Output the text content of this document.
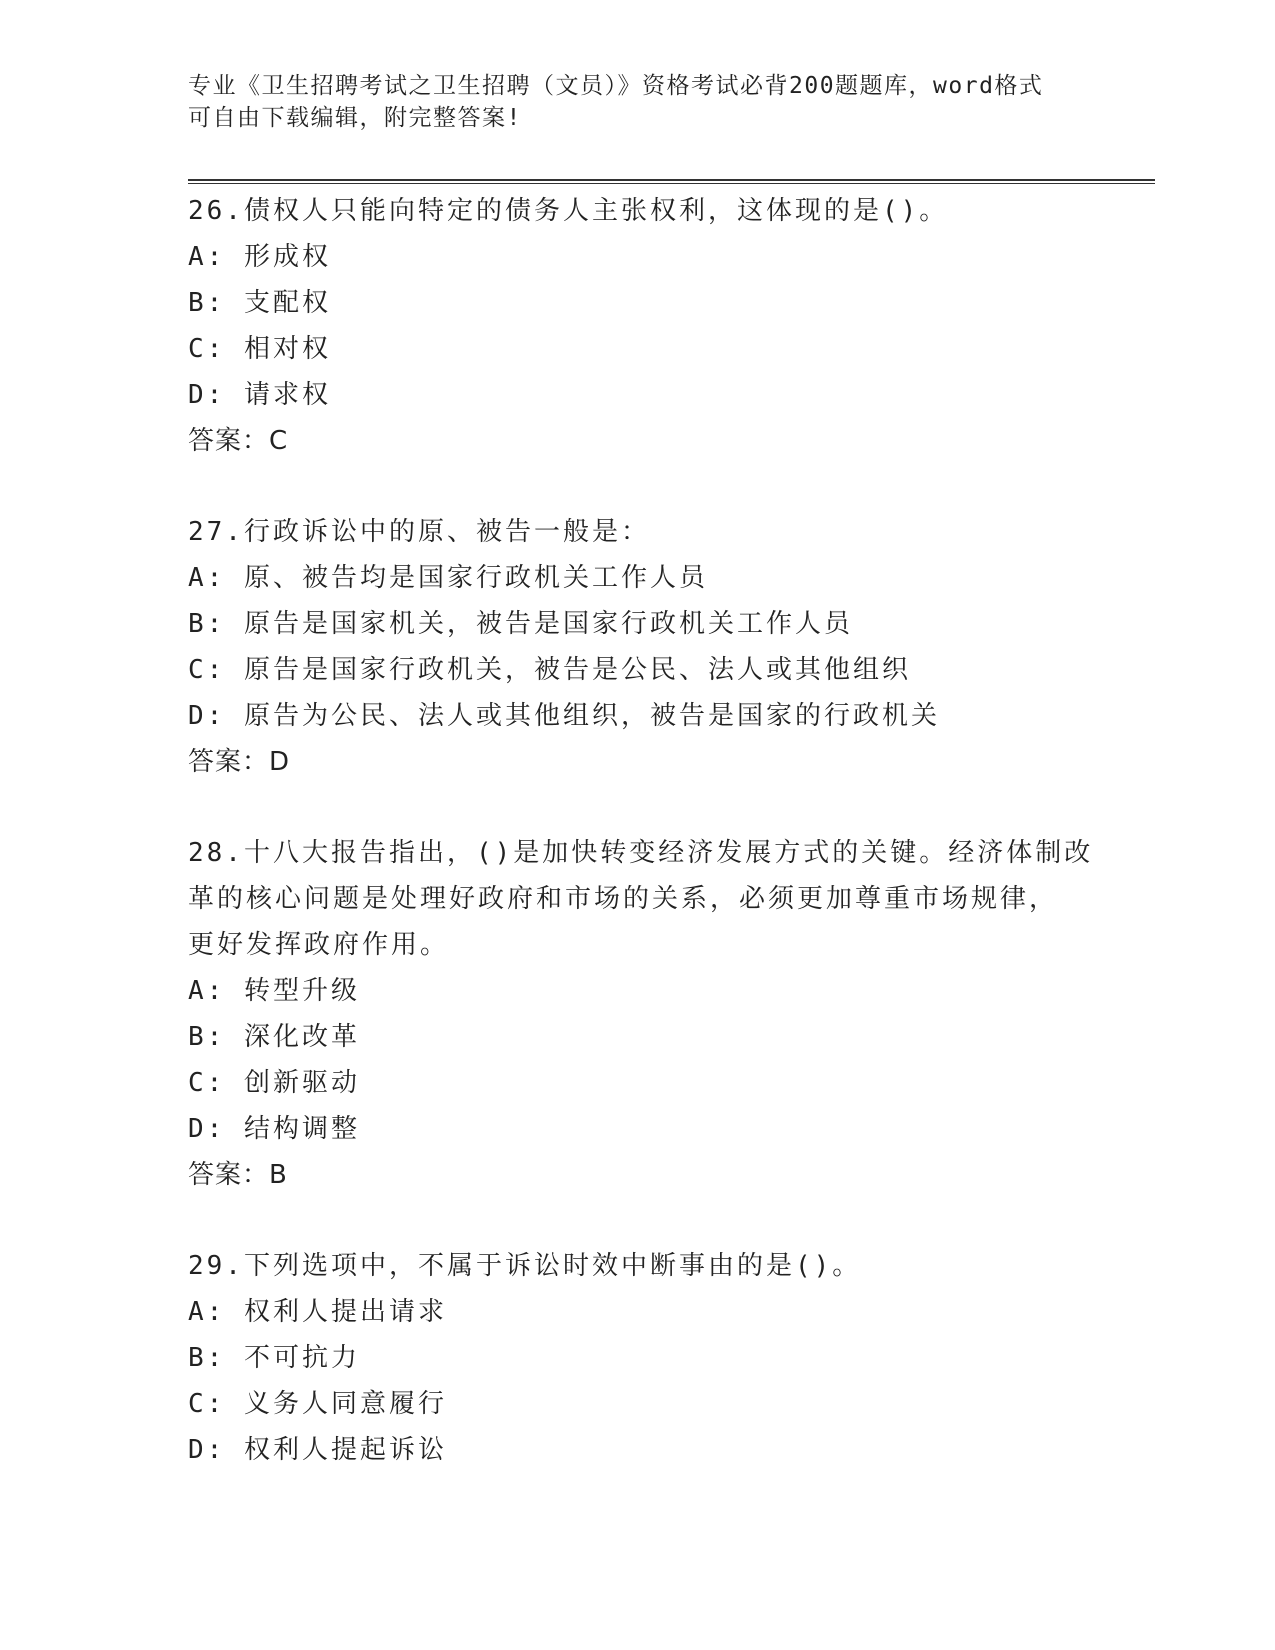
专业《卫生招聘考试之卫生招聘（文员）》资格考试必背200题题库，word格式
可自由下载编辑，附完整答案!

26.债权人只能向特定的债务人主张权利，这体现的是()。

A: 形成权

B: 支配权

C: 相对权

D: 请求权

答案：C

27.行政诉讼中的原、被告一般是：

A: 原、被告均是国家行政机关工作人员

B: 原告是国家机关，被告是国家行政机关工作人员

C: 原告是国家行政机关，被告是公民、法人或其他组织

D: 原告为公民、法人或其他组织，被告是国家的行政机关

答案：D

28.十八大报告指出，()是加快转变经济发展方式的关键。经济体制改

革的核心问题是处理好政府和市场的关系，必须更加尊重市场规律，

更好发挥政府作用。

A: 转型升级

B: 深化改革

C: 创新驱动

D: 结构调整

答案：B

29.下列选项中，不属于诉讼时效中断事由的是()。

A: 权利人提出请求

B: 不可抗力

C: 义务人同意履行

D: 权利人提起诉讼
